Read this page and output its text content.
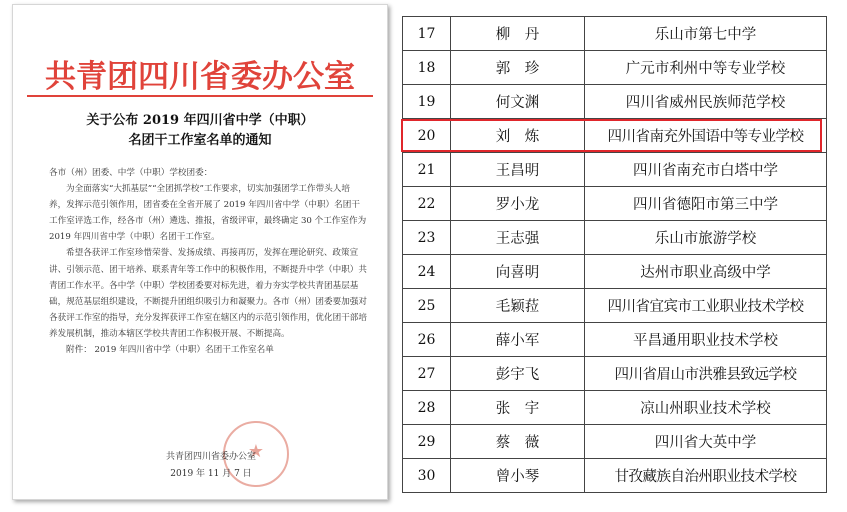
共青团四川省委办公室
关于公布 2019 年四川省中学（中职）
名团干工作室名单的通知

各市（州）团委、中学（中职）学校团委：

为全面落实“大抓基层”“全团抓学校”工作要求，切实加强团学工作带头人培养，发挥示范引领作用，团省委在全省开展了 2019 年四川省中学（中职）名团干工作室评选工作，经各市（州）遴选、推报，省级评审，最终确定 30 个工作室作为 2019 年四川省中学（中职）名团干工作室。

希望各获评工作室珍惜荣誉、发扬成绩、再接再厉，发挥在理论研究、政策宣讲、引领示范、团干培养、联系青年等工作中的积极作用，不断提升中学（中职）共青团工作水平。各中学（中职）学校团委要对标先进，着力夯实学校共青团基层基础，规范基层组织建设，不断提升团组织吸引力和凝聚力。各市（州）团委要加强对各获评工作室的指导，充分发挥获评工作室在辖区内的示范引领作用，优化团干部培养发展机制，推动本辖区学校共青团工作积极开展、不断提高。

附件： 2019 年四川省中学（中职）名团干工作室名单

★
共青团四川省委办公室
2019 年 11 月 7 日
17	柳　丹	乐山市第七中学
18	郭　珍	广元市利州中等专业学校
19	何文渊	四川省威州民族师范学校
20	刘　炼	四川省南充外国语中等专业学校
21	王昌明	四川省南充市白塔中学
22	罗小龙	四川省德阳市第三中学
23	王志强	乐山市旅游学校
24	向喜明	达州市职业高级中学
25	毛颖菈	四川省宜宾市工业职业技术学校
26	薛小军	平昌通用职业技术学校
27	彭宇飞	四川省眉山市洪雅县致远学校
28	张　宇	凉山州职业技术学校
29	蔡　薇	四川省大英中学
30	曾小琴	甘孜藏族自治州职业技术学校
